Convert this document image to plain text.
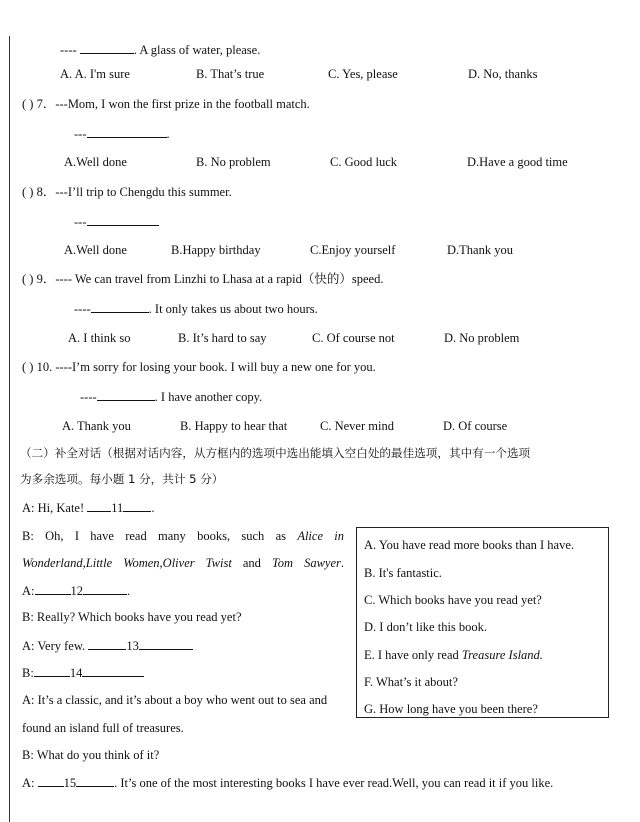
----	. A glass of water, please.
A. A. I'm sure	B. That’s true	C. Yes, please	D. No, thanks
( ) 7．---Mom, I won the first prize in the football match.
---	.
A.Well done	B. No problem	C. Good luck	D.Have a good time
( ) 8．---I’ll trip to Chengdu this summer.
---
A.Well done	B.Happy birthday	C.Enjoy yourself	D.Thank you
( ) 9．---- We can travel from Linzhi to Lhasa at a rapid（快的）speed.
----	. It only takes us about two hours.
A. I think so	B. It’s hard to say	C. Of course not	D. No problem
( ) 10. ----I’m sorry for losing your book. I will buy a new one for you.
----	. I have another copy.
A. Thank you	B. Happy to hear that	C. Never mind	D. Of course
（二）补全对话（根据对话内容，从方框内的选项中选出能填入空白处的最佳选项，其中有一个选项
为多余选项。每小题 1 分，共计 5 分）
A: Hi, Kate! 11 .
B: Oh, I have read many books, such as Alice in
Wonderland,Little Women,Oliver Twist and Tom Sawyer.
A:	12	.
B: Really? Which books have you read yet?
A: Very few.	13
B:	14
A: It’s a classic, and it’s about a boy who went out to sea and
found an island full of treasures.
B: What do you think of it?
A: 15	. It’s one of the most interesting books I have ever read.Well, you can read it if you like.
A. You have read more books than I have.
B. It's fantastic.
C. Which books have you read yet?
D. I don’t like this book.
E. I have only read Treasure Island.
F. What’s it about?
G. How long have you been there?
